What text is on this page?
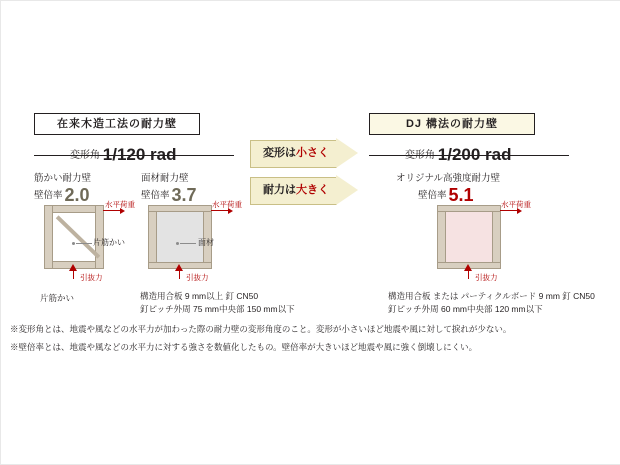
在来木造工法の耐力壁
変形角 1/120 rad
筋かい耐力壁
壁倍率 2.0
面材耐力壁
壁倍率 3.7
水平荷重
引抜力
片筋かい
片筋かい
水平荷重
引抜力
面材
構造用合板 9 mm以上 釘 CN50
釘ピッチ外周 75 mm中央部 150 mm以下
変形は小さく
耐力は大きく
DJ 構法の耐力壁
変形角 1/200 rad
オリジナル高強度耐力壁
壁倍率 5.1	水平荷重
引抜力
構造用合板 または パーティクルボード 9 mm 釘 CN50
釘ピッチ外周 60 mm中央部 120 mm以下
※変形角とは、地震や風などの水平力が加わった際の耐力壁の変形角度のこと。変形が小さいほど地震や風に対して捩れが少ない。
※壁倍率とは、地震や風などの水平力に対する強さを数値化したもの。壁倍率が大きいほど地震や風に強く倒壊しにくい。
